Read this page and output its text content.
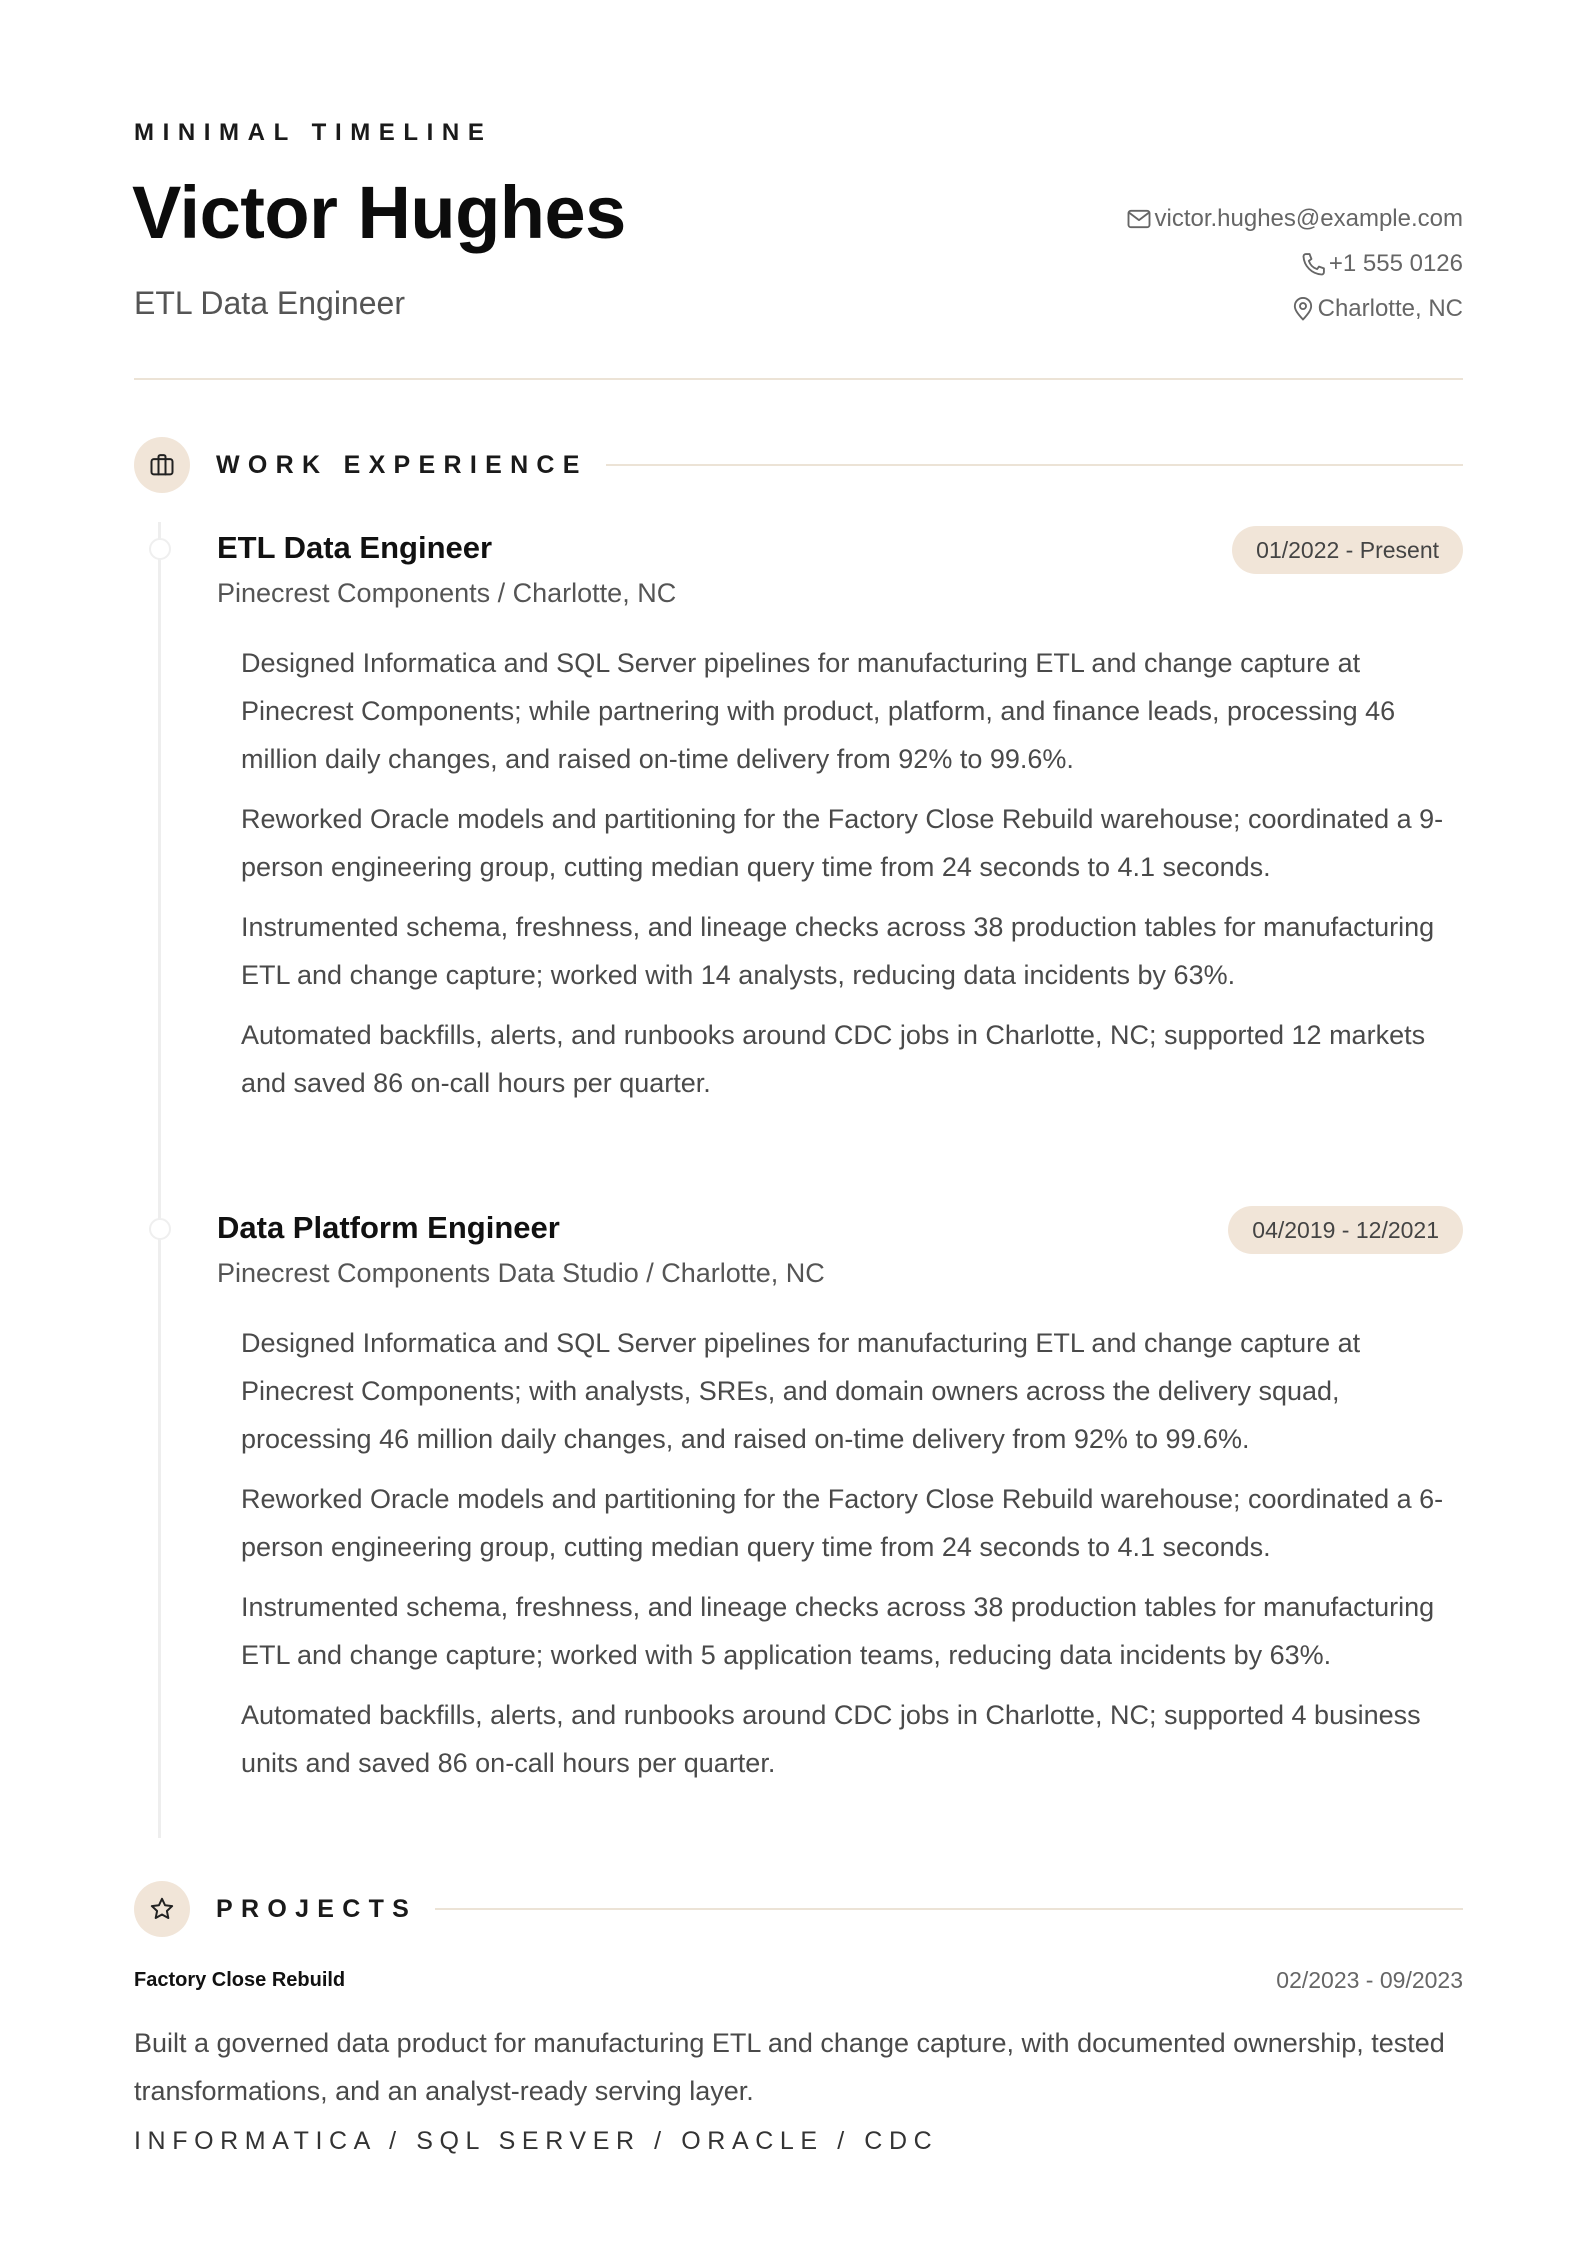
MINIMAL TIMELINE
Victor Hughes
ETL Data Engineer
victor.hughes@example.com
+1 555 0126
Charlotte, NC
WORK EXPERIENCE
ETL Data Engineer	01/2022 - Present
Pinecrest Components / Charlotte, NC
Designed Informatica and SQL Server pipelines for manufacturing ETL and change capture at Pinecrest Components; while partnering with product, platform, and finance leads, processing 46 million daily changes, and raised on-time delivery from 92% to 99.6%.
Reworked Oracle models and partitioning for the Factory Close Rebuild warehouse; coordinated a 9-person engineering group, cutting median query time from 24 seconds to 4.1 seconds.
Instrumented schema, freshness, and lineage checks across 38 production tables for manufacturing ETL and change capture; worked with 14 analysts, reducing data incidents by 63%.
Automated backfills, alerts, and runbooks around CDC jobs in Charlotte, NC; supported 12 markets and saved 86 on-call hours per quarter.
Data Platform Engineer	04/2019 - 12/2021
Pinecrest Components Data Studio / Charlotte, NC
Designed Informatica and SQL Server pipelines for manufacturing ETL and change capture at Pinecrest Components; with analysts, SREs, and domain owners across the delivery squad, processing 46 million daily changes, and raised on-time delivery from 92% to 99.6%.
Reworked Oracle models and partitioning for the Factory Close Rebuild warehouse; coordinated a 6-person engineering group, cutting median query time from 24 seconds to 4.1 seconds.
Instrumented schema, freshness, and lineage checks across 38 production tables for manufacturing ETL and change capture; worked with 5 application teams, reducing data incidents by 63%.
Automated backfills, alerts, and runbooks around CDC jobs in Charlotte, NC; supported 4 business units and saved 86 on-call hours per quarter.
PROJECTS
Factory Close Rebuild	02/2023 - 09/2023
Built a governed data product for manufacturing ETL and change capture, with documented ownership, tested transformations, and an analyst-ready serving layer.
INFORMATICA / SQL SERVER / ORACLE / CDC
